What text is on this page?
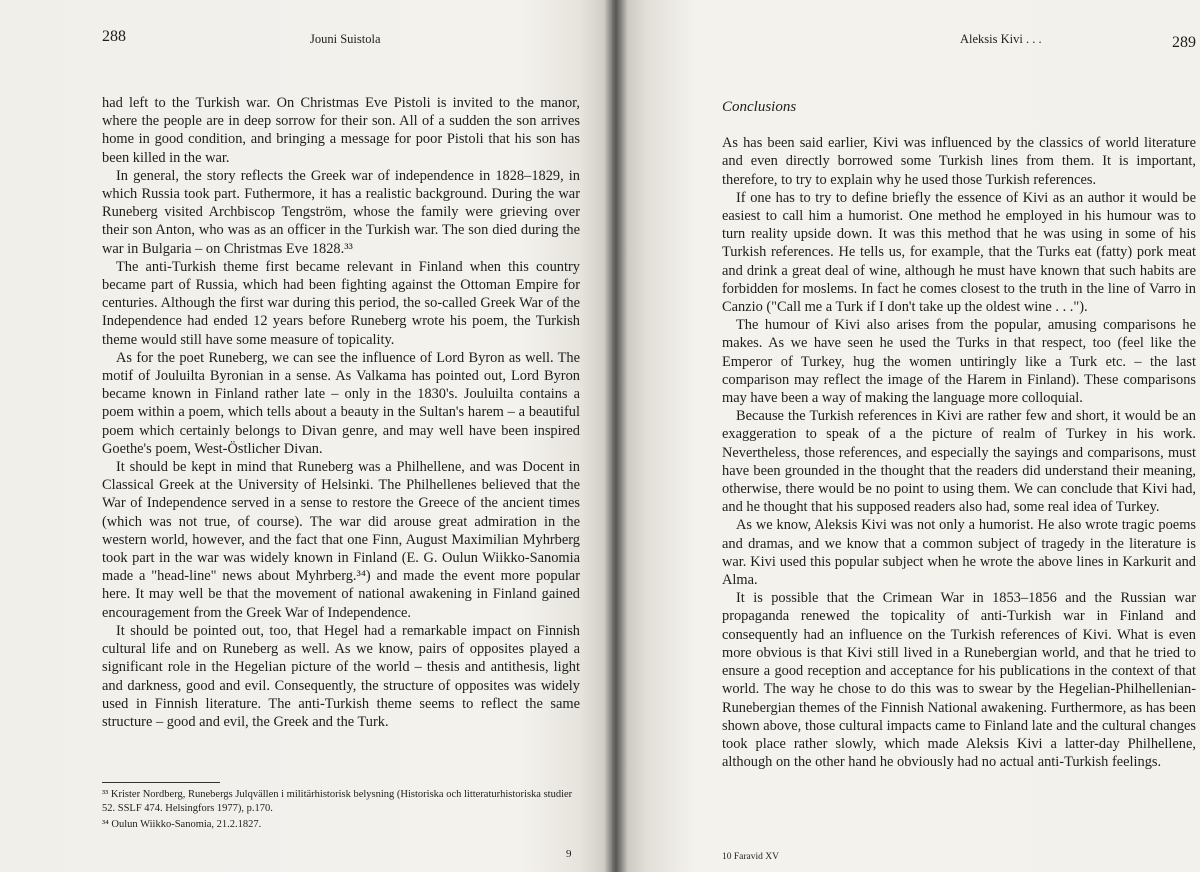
288	Jouni Suistola

had left to the Turkish war. On Christmas Eve Pistoli is invited to the manor, where the people are in deep sorrow for their son. All of a sudden the son arrives home in good condition, and bringing a message for poor Pistoli that his son has been killed in the war.

In general, the story reflects the Greek war of independence in 1828–1829, in which Russia took part. Futhermore, it has a realistic background. During the war Runeberg visited Archbiscop Tengström, whose the family were grieving over their son Anton, who was as an officer in the Turkish war. The son died during the war in Bulgaria – on Christmas Eve 1828.³³

The anti-Turkish theme first became relevant in Finland when this country became part of Russia, which had been fighting against the Ottoman Empire for centuries. Although the first war during this period, the so-called Greek War of the Independence had ended 12 years before Runeberg wrote his poem, the Turkish theme would still have some measure of topicality.

As for the poet Runeberg, we can see the influence of Lord Byron as well. The motif of Jouluilta Byronian in a sense. As Valkama has pointed out, Lord Byron became known in Finland rather late – only in the 1830's. Jouluilta contains a poem within a poem, which tells about a beauty in the Sultan's harem – a beautiful poem which certainly belongs to Divan genre, and may well have been inspired Goethe's poem, West-Östlicher Divan.

It should be kept in mind that Runeberg was a Philhellene, and was Docent in Classical Greek at the University of Helsinki. The Philhellenes believed that the War of Independence served in a sense to restore the Greece of the ancient times (which was not true, of course). The war did arouse great admiration in the western world, however, and the fact that one Finn, August Maximilian Myhrberg took part in the war was widely known in Finland (E. G. Oulun Wiikko-Sanomia made a "head-line" news about Myhrberg.³⁴) and made the event more popular here. It may well be that the movement of national awakening in Finland gained encouragement from the Greek War of Independence.

It should be pointed out, too, that Hegel had a remarkable impact on Finnish cultural life and on Runeberg as well. As we know, pairs of opposites played a significant role in the Hegelian picture of the world – thesis and antithesis, light and darkness, good and evil. Consequently, the structure of opposites was widely used in Finnish literature. The anti-Turkish theme seems to reflect the same structure – good and evil, the Greek and the Turk.

³³ Krister Nordberg, Runebergs Julqvällen i militärhistorisk belysning (Historiska och litteraturhistoriska studier 52. SSLF 474. Helsingfors 1977), p.170.

³⁴ Oulun Wiikko-Sanomia, 21.2.1827.

9
Aleksis Kivi . . .	289
Conclusions

As has been said earlier, Kivi was influenced by the classics of world literature and even directly borrowed some Turkish lines from them. It is important, therefore, to try to explain why he used those Turkish references.

If one has to try to define briefly the essence of Kivi as an author it would be easiest to call him a humorist. One method he employed in his humour was to turn reality upside down. It was this method that he was using in some of his Turkish references. He tells us, for example, that the Turks eat (fatty) pork meat and drink a great deal of wine, although he must have known that such habits are forbidden for moslems. In fact he comes closest to the truth in the line of Varro in Canzio ("Call me a Turk if I don't take up the oldest wine . . .").

The humour of Kivi also arises from the popular, amusing comparisons he makes. As we have seen he used the Turks in that respect, too (feel like the Emperor of Turkey, hug the women untiringly like a Turk etc. – the last comparison may reflect the image of the Harem in Finland). These comparisons may have been a way of making the language more colloquial.

Because the Turkish references in Kivi are rather few and short, it would be an exaggeration to speak of a the picture of realm of Turkey in his work. Nevertheless, those references, and especially the sayings and comparisons, must have been grounded in the thought that the readers did understand their meaning, otherwise, there would be no point to using them. We can conclude that Kivi had, and he thought that his supposed readers also had, some real idea of Turkey.

As we know, Aleksis Kivi was not only a humorist. He also wrote tragic poems and dramas, and we know that a common subject of tragedy in the literature is war. Kivi used this popular subject when he wrote the above lines in Karkurit and Alma.

It is possible that the Crimean War in 1853–1856 and the Russian war propaganda renewed the topicality of anti-Turkish war in Finland and consequently had an influence on the Turkish references of Kivi. What is even more obvious is that Kivi still lived in a Runebergian world, and that he tried to ensure a good reception and acceptance for his publications in the context of that world. The way he chose to do this was to swear by the Hegelian-Philhellenian-Runebergian themes of the Finnish National awakening. Furthermore, as has been shown above, those cultural impacts came to Finland late and the cultural changes took place rather slowly, which made Aleksis Kivi a latter-day Philhellene, although on the other hand he obviously had no actual anti-Turkish feelings.

10 Faravid XV
